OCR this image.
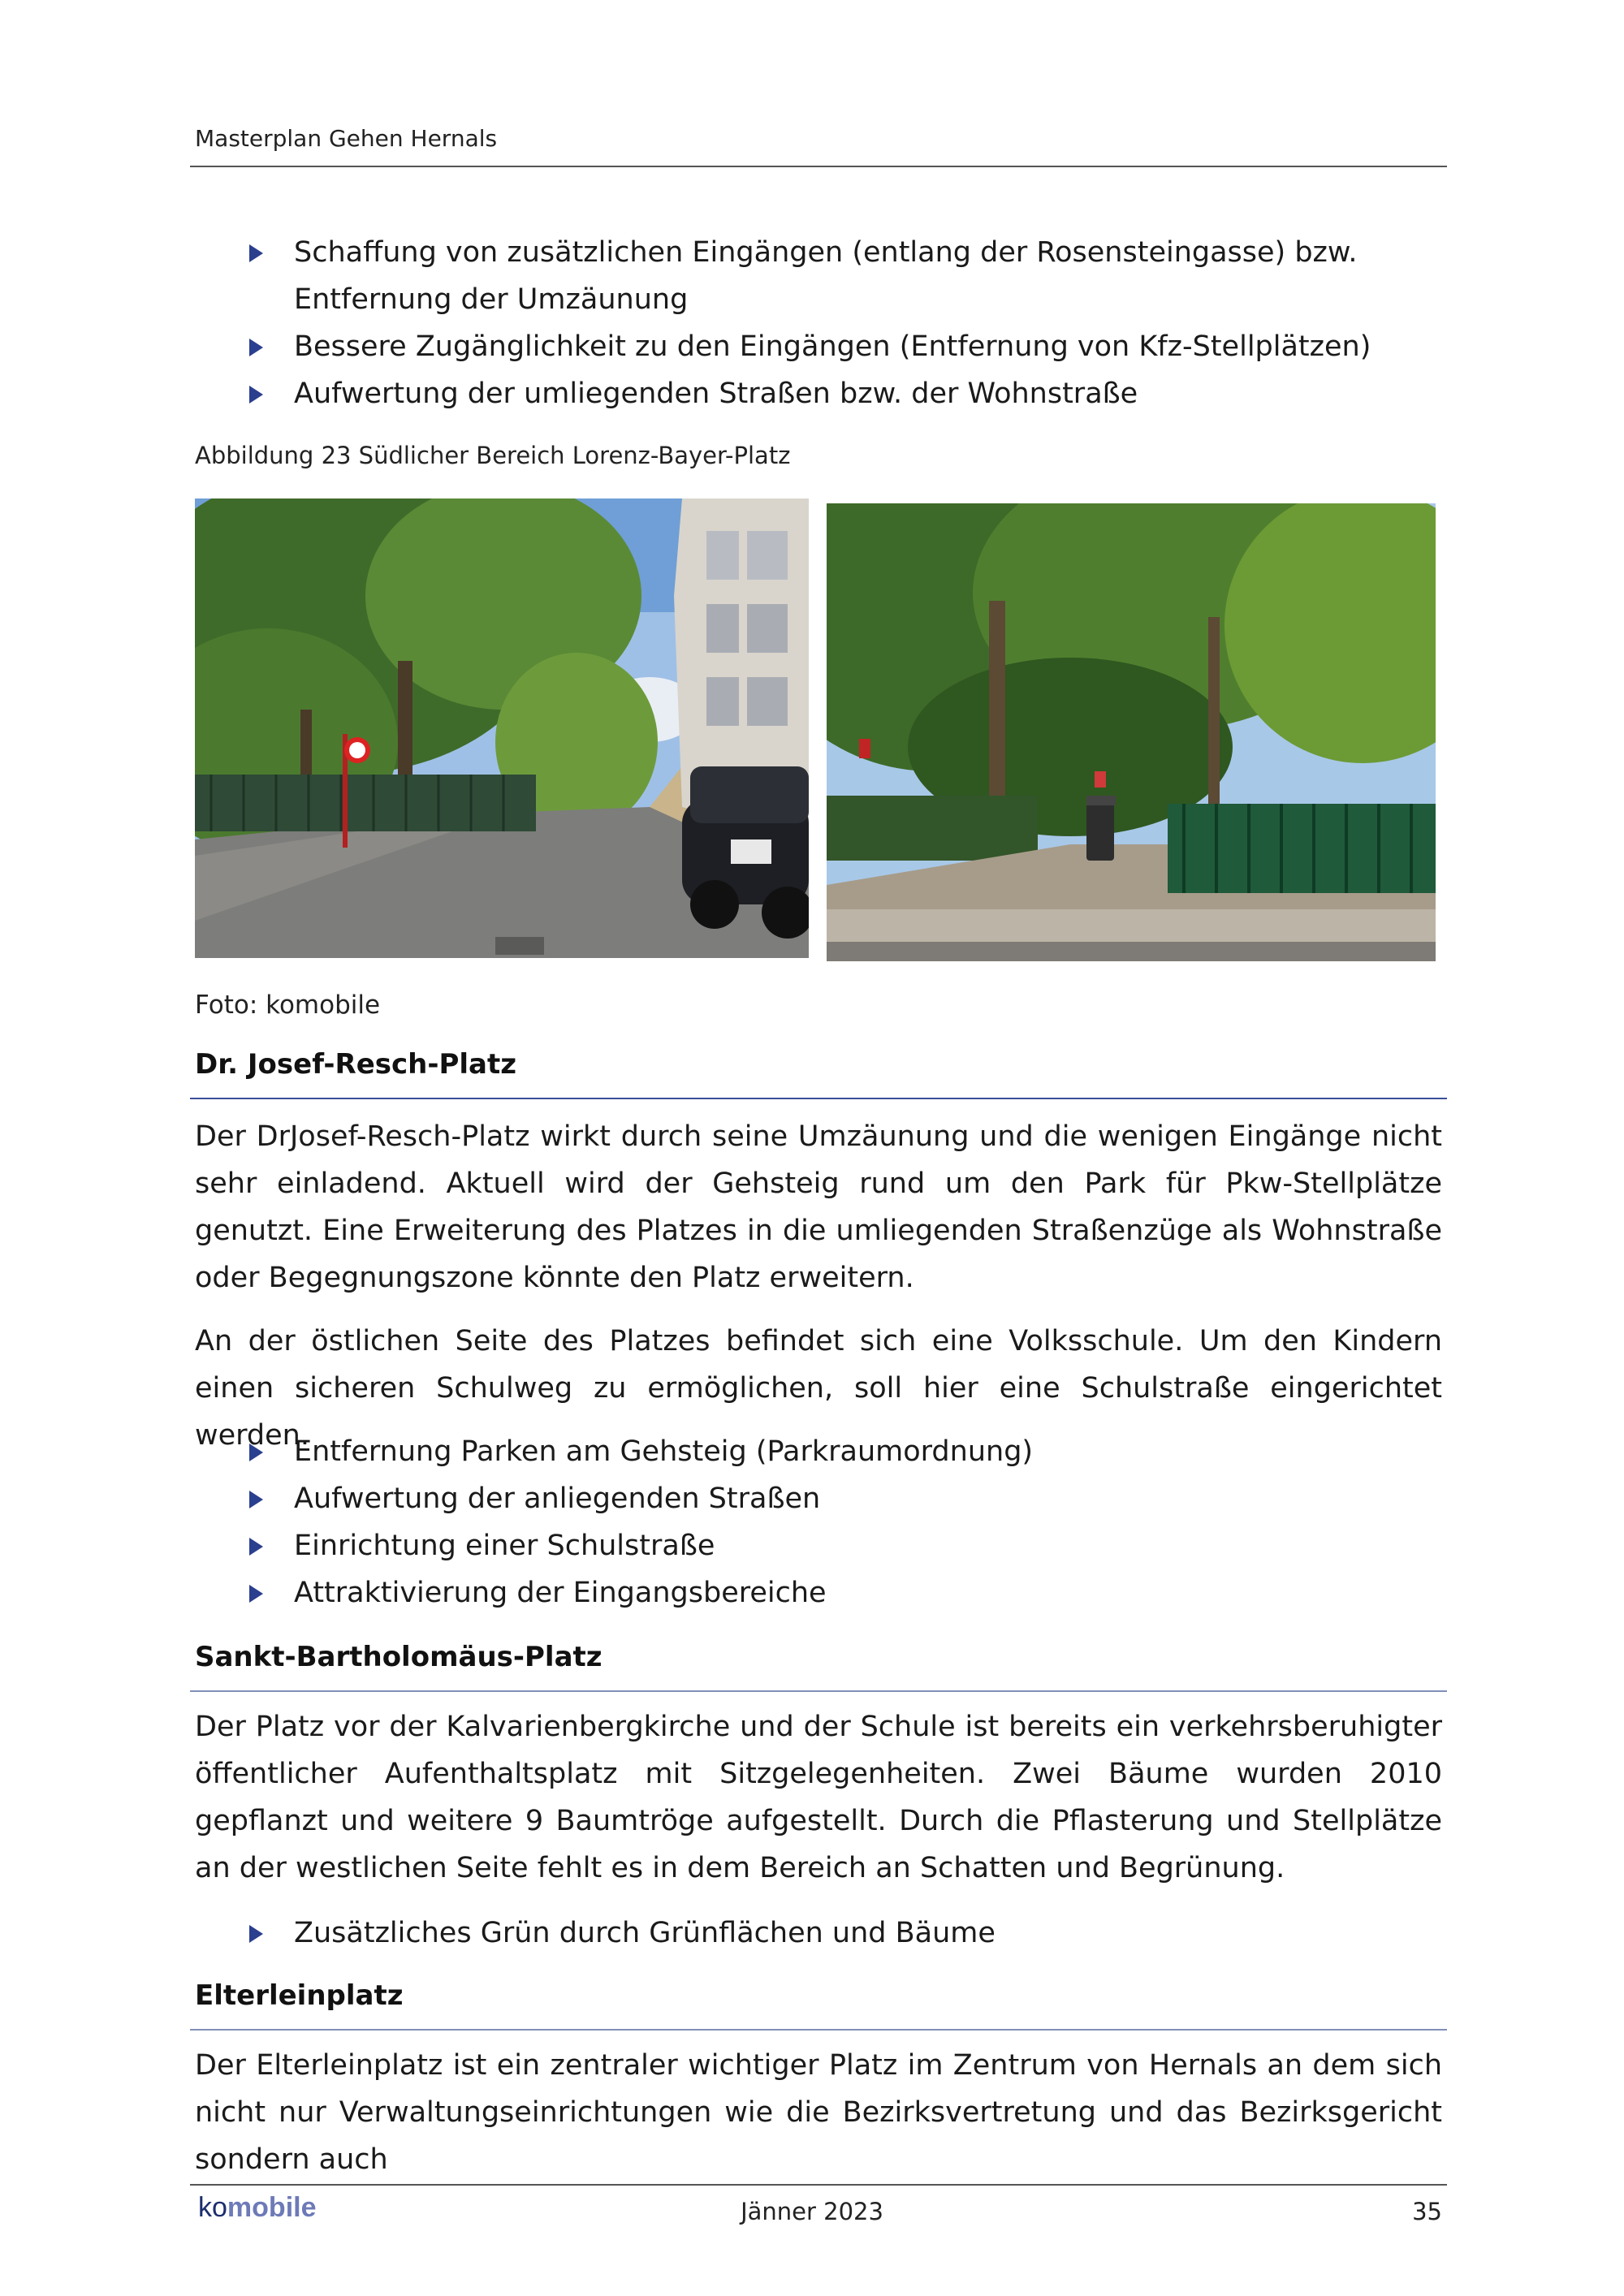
Masterplan Gehen Hernals
Schaffung von zusätzlichen Eingängen (entlang der Rosensteingasse) bzw. Entfernung der Umzäunung
Bessere Zugänglichkeit zu den Eingängen (Entfernung von Kfz-Stellplätzen)
Aufwertung der umliegenden Straßen bzw. der Wohnstraße
Abbildung 23 Südlicher Bereich Lorenz-Bayer-Platz
Foto: komobile
Dr. Josef-Resch-Platz

Der DrJosef-Resch-Platz wirkt durch seine Umzäunung und die wenigen Eingänge nicht sehr einladend. Aktuell wird der Gehsteig rund um den Park für Pkw-Stellplätze genutzt. Eine Erweiterung des Platzes in die umliegenden Straßenzüge als Wohnstraße oder Begegnungszone könnte den Platz erweitern.

An der östlichen Seite des Platzes befindet sich eine Volksschule. Um den Kindern einen sicheren Schulweg zu ermöglichen, soll hier eine Schulstraße eingerichtet werden.

Entfernung Parken am Gehsteig (Parkraumordnung)
Aufwertung der anliegenden Straßen
Einrichtung einer Schulstraße
Attraktivierung der Eingangsbereiche
Sankt-Bartholomäus-Platz

Der Platz vor der Kalvarienbergkirche und der Schule ist bereits ein verkehrsberuhigter öffentlicher Aufenthaltsplatz mit Sitzgelegenheiten. Zwei Bäume wurden 2010 gepflanzt und weitere 9 Baumtröge aufgestellt. Durch die Pflasterung und Stellplätze an der westlichen Seite fehlt es in dem Bereich an Schatten und Begrünung.

Zusätzliches Grün durch Grünflächen und Bäume
Elterleinplatz

Der Elterleinplatz ist ein zentraler wichtiger Platz im Zentrum von Hernals an dem sich nicht nur Verwaltungseinrichtungen wie die Bezirksvertretung und das Bezirksgericht sondern auch

komobile	Jänner 2023	35
